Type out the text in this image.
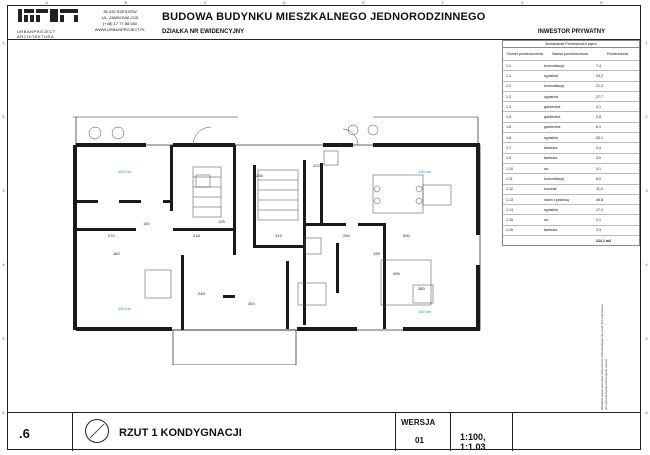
A	B	C	D	E	F	G	H
1
2
3
4
5
6
1
2
3
4
5
6
URBANPROJECT ARCHITEKTURA
35-032 RZESZÓW
UL. ZAMKOWA 2/15
(+48) 17 77 88 080
WWW.URBANPROJECT.PL
BUDOWA BUDYNKU MIESZKALNEGO JEDNORODZINNEGO
DZIAŁKA NR EWIDENCYJNY	INWESTOR PRYWATNY
Zestawienie Pomieszczeń piętro
Numer pomieszczenia	Nazwa pomieszczenia	Powierzchnia
1.1	komunikacja	7,4
1.1	sypialnia	24,2
1.2	komunikacja	21,3
1.3	sypialnia	27,7
1.4	garderoba	4,1
1.5	garderoba	2,8
1.6	garderoba	6,1
1.8	sypialnia	20,1
1.7	łazienka	3,4
1.9	łazienka	4,0
1.10	wc	3,1
1.11	komunikacja	8,0
1.12	kuchnia	11,0
1.13	salon z jadalnią	46,8
1.14	sypialnia	17,0
1.15	wc	2,1
1.16	łazienka	3,3
214,1 m2
150
218
270
236
414	500
264
222
195
182
125
248
300
380
406
150 cm	130 cm
150 cm
150 cm	Wszelkie prawa autorskie zastrzeżone. Dokumentacja nie może być kopiowana ani wykorzystywana bez zgody autora.
.6	RZUT 1 KONDYGNACJI
WERSJA
01	1:100,
1:1.03
